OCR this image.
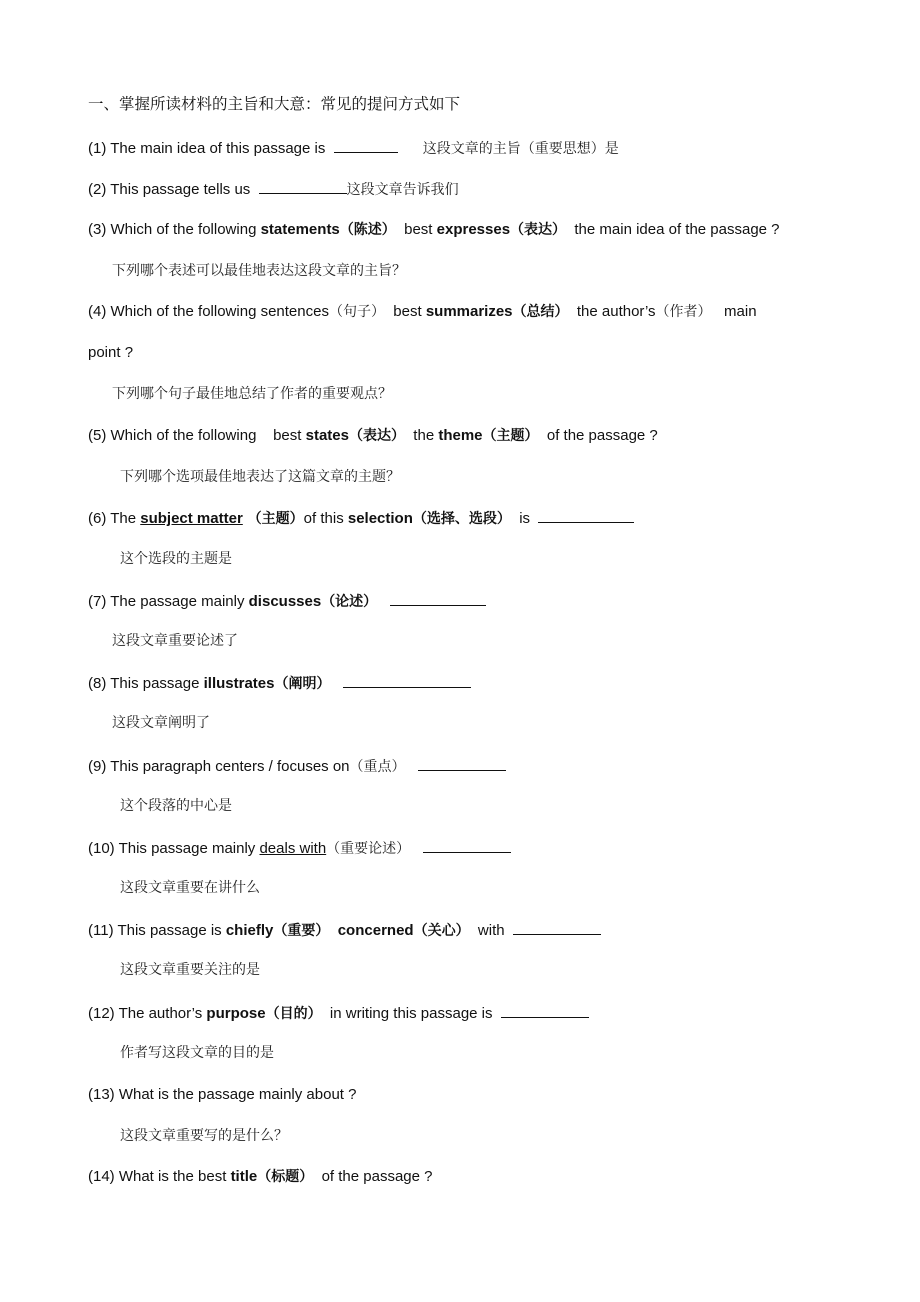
一、掌握所读材料的主旨和大意：常见的提问方式如下
(1) The main idea of this passage is	这段文章的主旨（重要思想）是
(2) This passage tells us	这段文章告诉我们
(3) Which of the following statements（陈述）  best expresses（表达）  the main idea of the passage ?
下列哪个表述可以最佳地表达这段文章的主旨？
(4) Which of the following sentences（句子）  best summarizes（总结）  the author’s（作者）   main
point ?
下列哪个句子最佳地总结了作者的重要观点？
(5) Which of the following    best states（表达）  the theme（主题）  of the passage ?
下列哪个选项最佳地表达了这篇文章的主题？
(6) The subject matter （主题）of this selection（选择、选段）  is
这个选段的主题是
(7) The passage mainly discusses（论述）
这段文章重要论述了
(8) This passage illustrates（阐明）
这段文章阐明了
(9) This paragraph centers / focuses on（重点）
这个段落的中心是
(10) This passage mainly deals with（重要论述）
这段文章重要在讲什么
(11) This passage is chiefly（重要） concerned（关心）  with
这段文章重要关注的是
(12) The author’s purpose（目的）  in writing this passage is
作者写这段文章的目的是
(13) What is the passage mainly about ?
这段文章重要写的是什么？
(14) What is the best title（标题）  of the passage ?
